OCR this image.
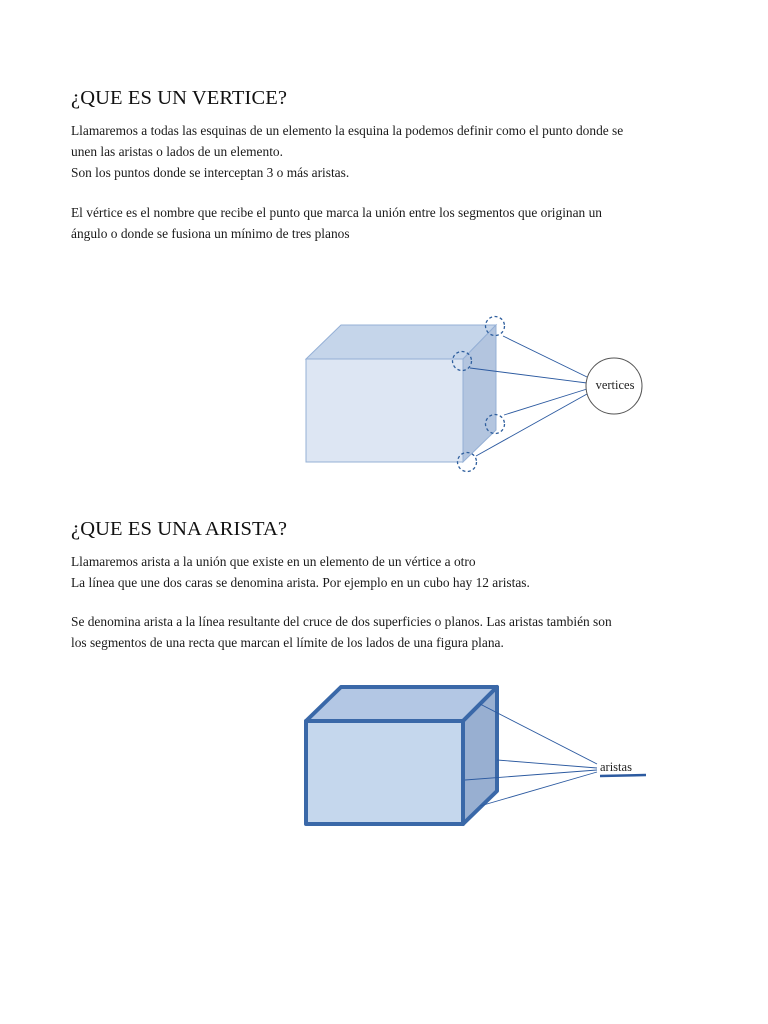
¿QUE ES UN VERTICE?

Llamaremos a todas las esquinas de un elemento la esquina la podemos definir como el punto donde se
unen las aristas o lados de un elemento.
Son los puntos donde se interceptan 3 o más aristas.

El vértice es el nombre que recibe el punto que marca la unión entre los segmentos que originan un
ángulo o donde se fusiona un mínimo de tres planos

vertices
¿QUE ES UNA ARISTA?

Llamaremos arista a la unión que existe en un elemento de un vértice a otro
La línea que une dos caras se denomina arista. Por ejemplo en un cubo hay 12 aristas.

Se denomina arista a la línea resultante del cruce de dos superficies o planos. Las aristas también son
los segmentos de una recta que marcan el límite de los lados de una figura plana.

aristas
